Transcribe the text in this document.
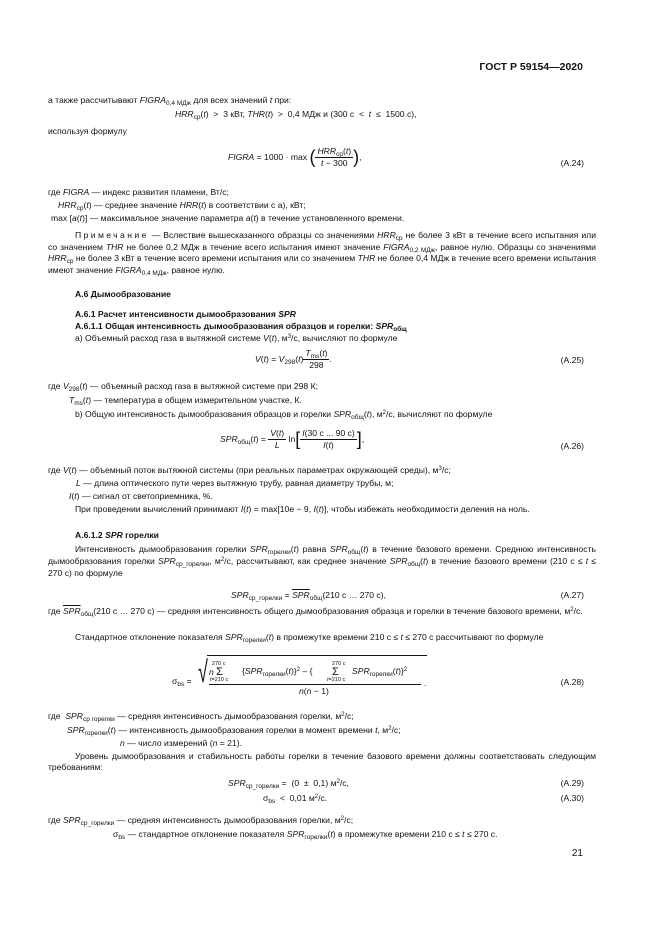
ГОСТ Р 59154—2020
а также рассчитывают $FIGRA_{0,4 МДж}$ для всех значений t при:
$HRR_{ср}(t) > 3$ кВт, THR(t)  >  0,4 МДж и (300 с  <  t  ≤  1500 с),
используя формулу
FIGRA = 1000 · max ( $\frac{HRR_{ср}(t)}{t - 300}$ ),
(A.24)
где FIGRA — индекс развития пламени, Вт/с;
$HRR_{ср}(t)$ — среднее значение HRR(t) в соответствии с а), кВт;
max [a(t)] — максимальное значение параметра a(t) в течение установленного времени.
Примечание — Вслествие вышесказанного образцы со значениями $HRR_{ср}$ не более 3 кВт в течение всего испытания или со значением THR не более 0,2 МДж в течение всего испытания имеют значение $FIGRA_{0,2 МДж}$, равное нулю. Образцы со значениями $HRR_{ср}$ не более 3 кВт в течение всего времени испытания или со значением THR не более 0,4 МДж в течение всего времени испытания имеют значение $FIGRA_{0,4 МДж}$, равное нулю.
А.6 Дымообразование
А.6.1 Расчет интенсивности дымообразования SPR
А.6.1.1 Общая интенсивность дымообразования образцов и горелки: $SPR_{общ}$
а) Объемный расход газа в вытяжной системе V(t), $м^3/с$, вычисляют по формуле
$V(t) = V_{298}(t) \frac{T_{ms}(t)}{298}$ .	(A.25)
где $V_{298}(t)$ — объемный расход газа в вытяжной системе при 298 К;
$T_{ms}(t)$ — температура в общем измерительном участке, К.
b) Общую интенсивность дымообразования образцов и горелки $SPR_{общ}(t)$, $м^2/с$, вычисляют по формуле
$SPR_{общ}(t) = \frac{V(t)}{L} \ln[ \frac{I(30 с ... 90 с)}{I(t)}$ ],
(A.26)
где V(t) — объемный поток вытяжной системы (при реальных параметрах окружающей среды), $м^3/с$;
L — длина оптического пути через вытяжную трубу, равная диаметру трубы, м;
I(t) — сигнал от светоприемника, %.
При проведении вычислений принимают I(t) = max[10e − 9, I(t)], чтобы избежать необходимости деления на ноль.
А.6.1.2 SPR горелки
Интенсивность дымообразования горелки $SPR_{горелки}(t)$ равна $SPR_{общ}(t)$ в течение базового времени. Среднюю интенсивность дымообразования горелки $SPR_{ср\_горелки}$, $м^2/с$, рассчитывают, как среднее значение $SPR_{общ}(t)$ в течение базового времени (210 с ≤ t ≤ 270 с) по формуле
$SPR_{ср\_горелки} = \overline{SPR}_{общ}(210$ с … 270 с),	(A.27)
где $\overline{SPR}_{общ}(210$ с … 270 с) — средняя интенсивность общего дымообразования образца и горелки в течение базового времени, $м^2/с$.
Стандартное отклонение показателя $SPR_{горелки}(t)$ в промежутке времени 210 с ≤ t ≤ 270 с рассчитывают по формуле
$\sigma_{bs}$ = √ 270 с
n Σ
t=210 с
$\{SPR_{горелки}(t)\}^2$ – {
270 с
Σ
t=210 с
$SPR_{горелки}(t)\}^2$
n(n − 1)
.	(A.28)
где  $SPR_{ср горелки}$ — средняя интенсивность дымообразования горелки, $м^2/с$;
$SPR_{горелки}(t)$ — интенсивность дымообразования горелки в момент времени t, $м^2/с$;
n — число измерений (n = 21).
Уровень дымообразования и стабильность работы горелки в течение базового времени должны соответствовать следующим требованиям:
$SPR_{ср\_горелки} = (0 \pm 0,1)$ $м^2/с$,	(A.29)
$\sigma_{bs} < 0,01$ $м^2/с$.	(A.30)
где $SPR_{ср\_горелки}$ — средняя интенсивность дымообразования горелки, $м^2/с$;
$\sigma_{bs}$ — стандартное отклонение показателя $SPR_{горелки}(t)$ в промежутке времени 210 с ≤ t ≤ 270 с.
21
